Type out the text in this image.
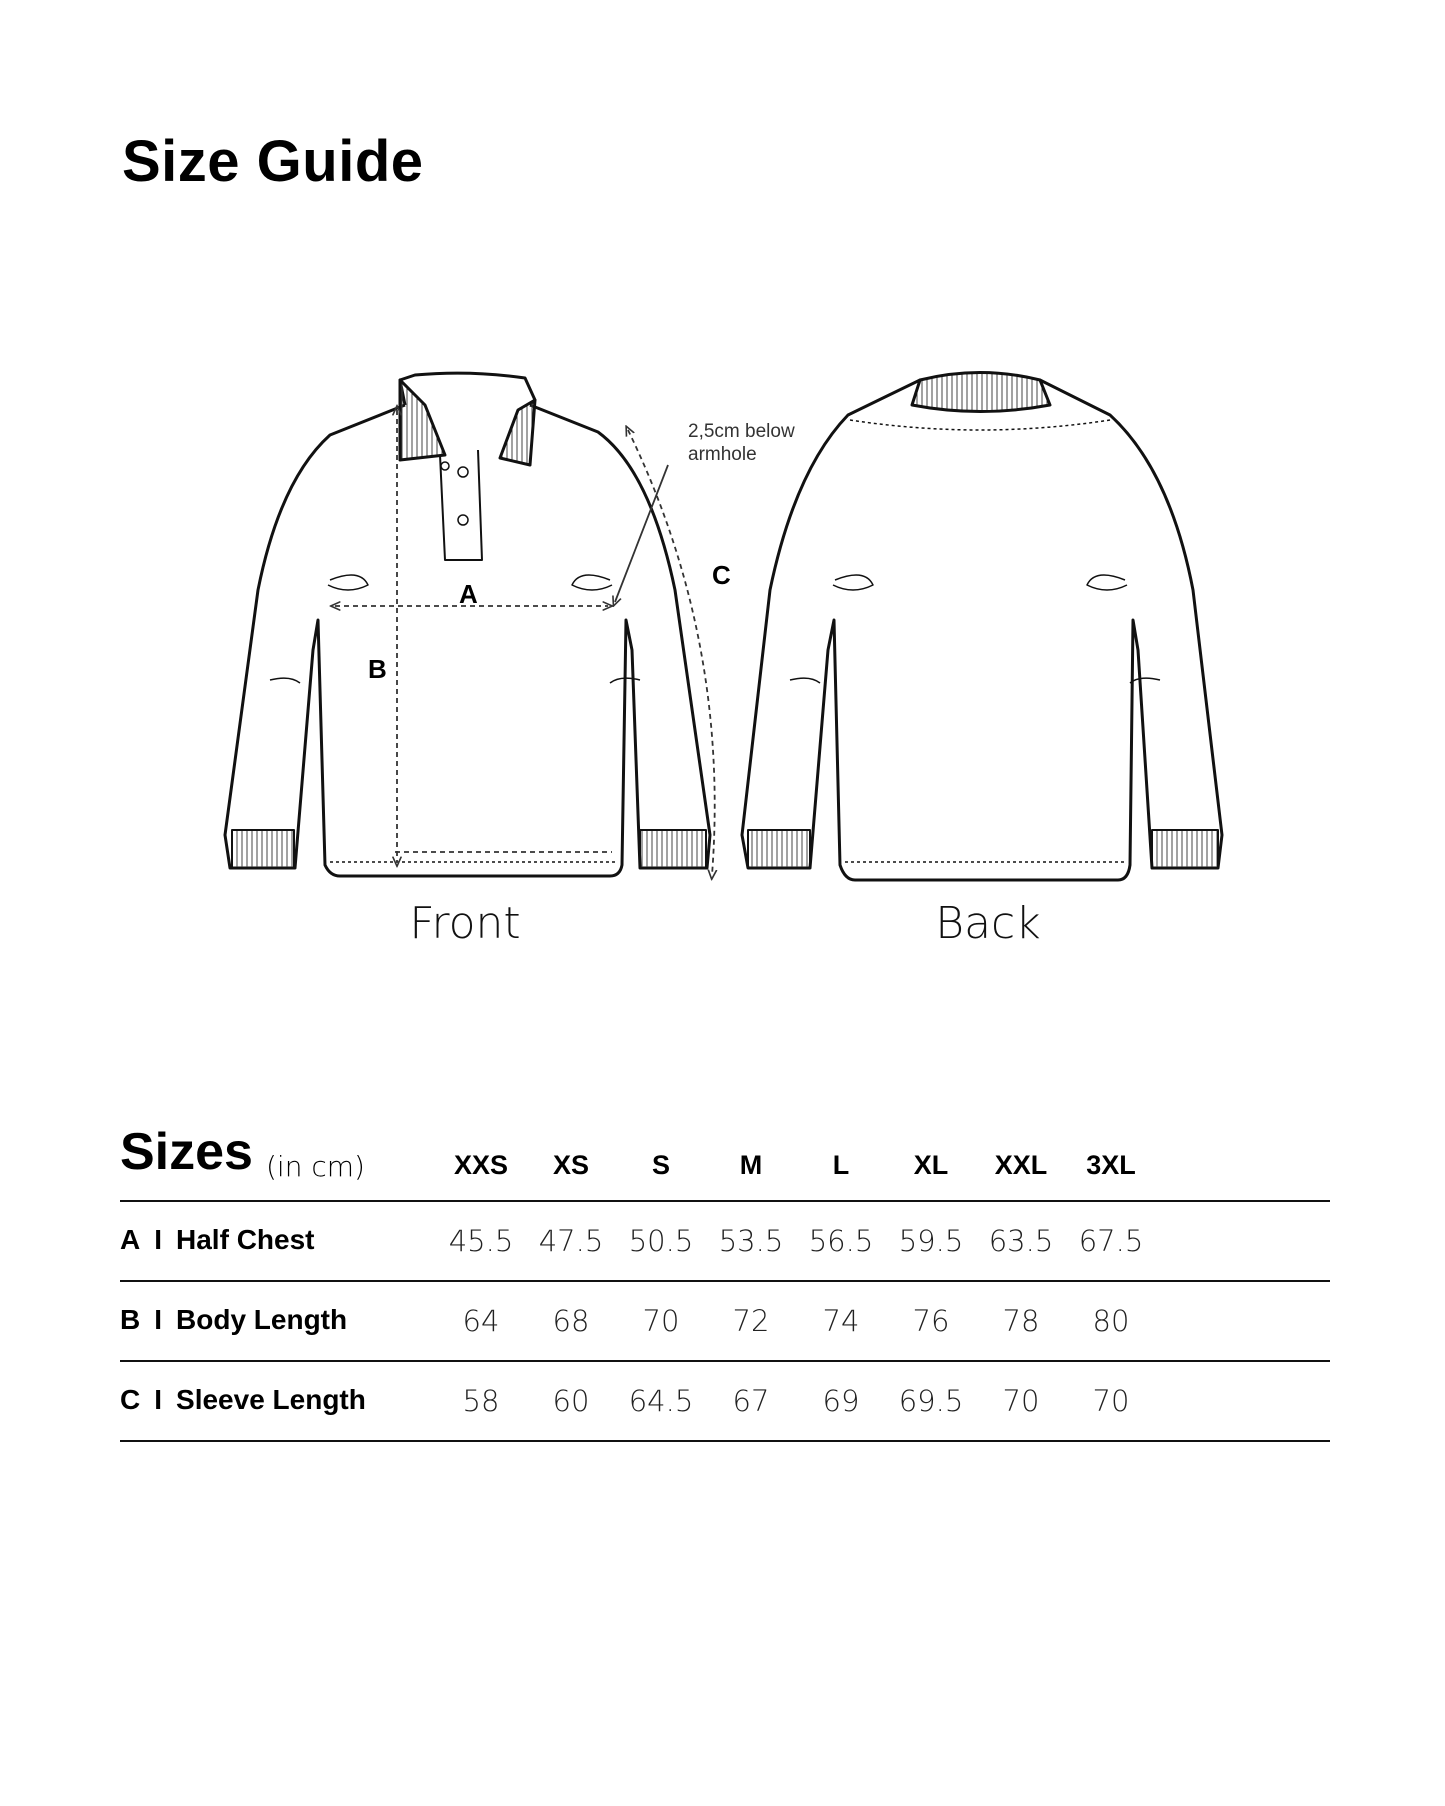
Size Guide
A
B
C
2,5cm below
armhole
Front	Back
Sizes (in cm)	XXS	XS	S	M	L	XL	XXL	3XL
A I Half Chest	45.5 47.5 50.5 53.5 56.5 59.5 63.5 67.5
B I Body Length	64	68	70	72	74	76	78	80
C I Sleeve Length	58	60	64.5	67	69	69.5	70	70
